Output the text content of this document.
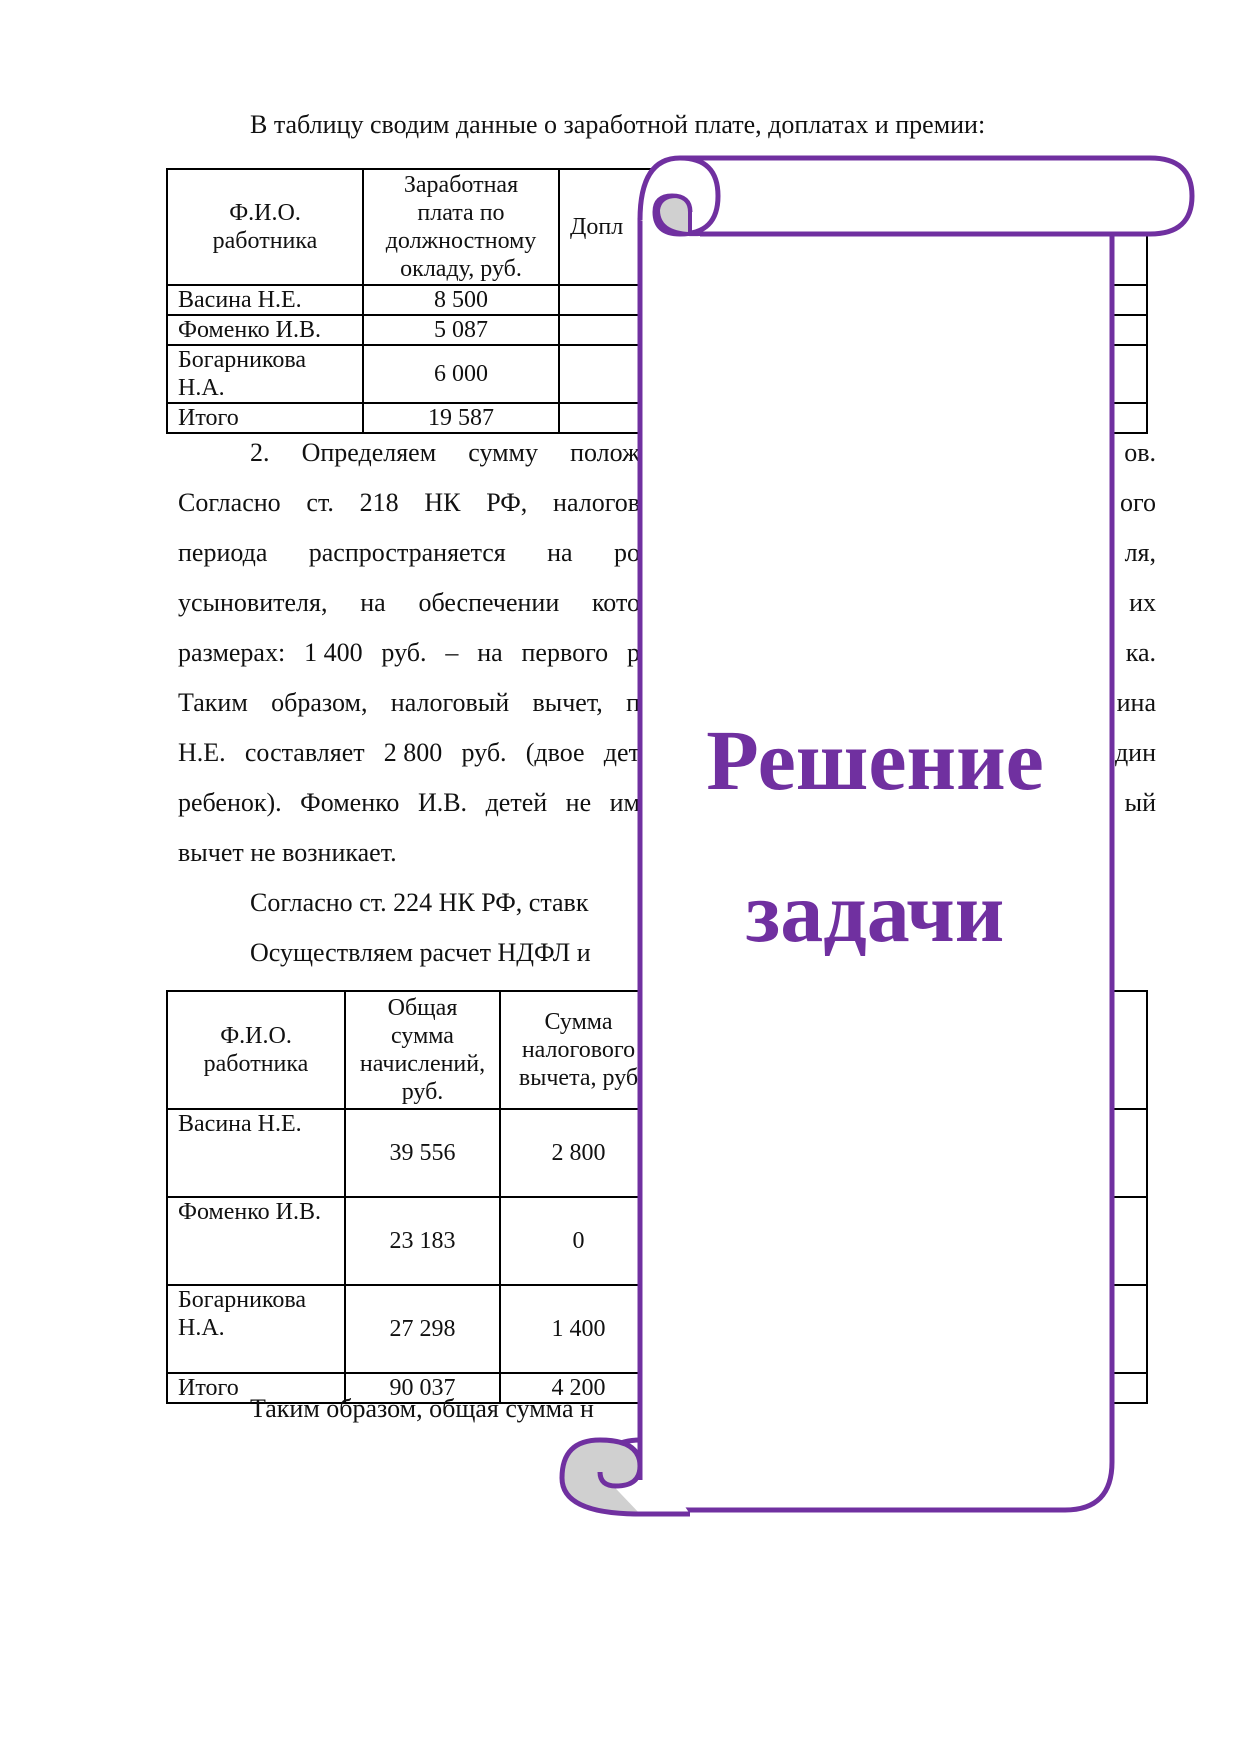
В таблицу сводим данные о заработной плате, доплатах и премии:
Ф.И.О. работника	Заработная плата по должностному окладу, руб.	Допл
Васина Н.Е.	8 500	
Фоменко И.В.	5 087	
Богарникова Н.А.	6 000	
Итого	19 587	
2. Определяем сумму полож
Согласно ст. 218 НК РФ, налогов
периода распространяется на ро
усыновителя, на обеспечении кото
размерах: 1 400 руб. – на первого р
Таким образом, налоговый вычет, п
Н.Е. составляет 2 800 руб. (двое дет
ребенок). Фоменко И.В. детей не им
вычет не возникает.
ов.
ого
ля,
их
ка.
ина
дин
ый
Согласно ст. 224 НК РФ, ставк
Осуществляем расчет НДФЛ и
Ф.И.О. работника	Общая сумма начислений, руб.	Сумма налогового вычета, руб	
Васина Н.Е.	39 556	2 800	
Фоменко И.В.	23 183	0	
Богарникова Н.А.	27 298	1 400	
Итого	90 037	4 200	
Таким образом, общая сумма н
Решение
задачи
